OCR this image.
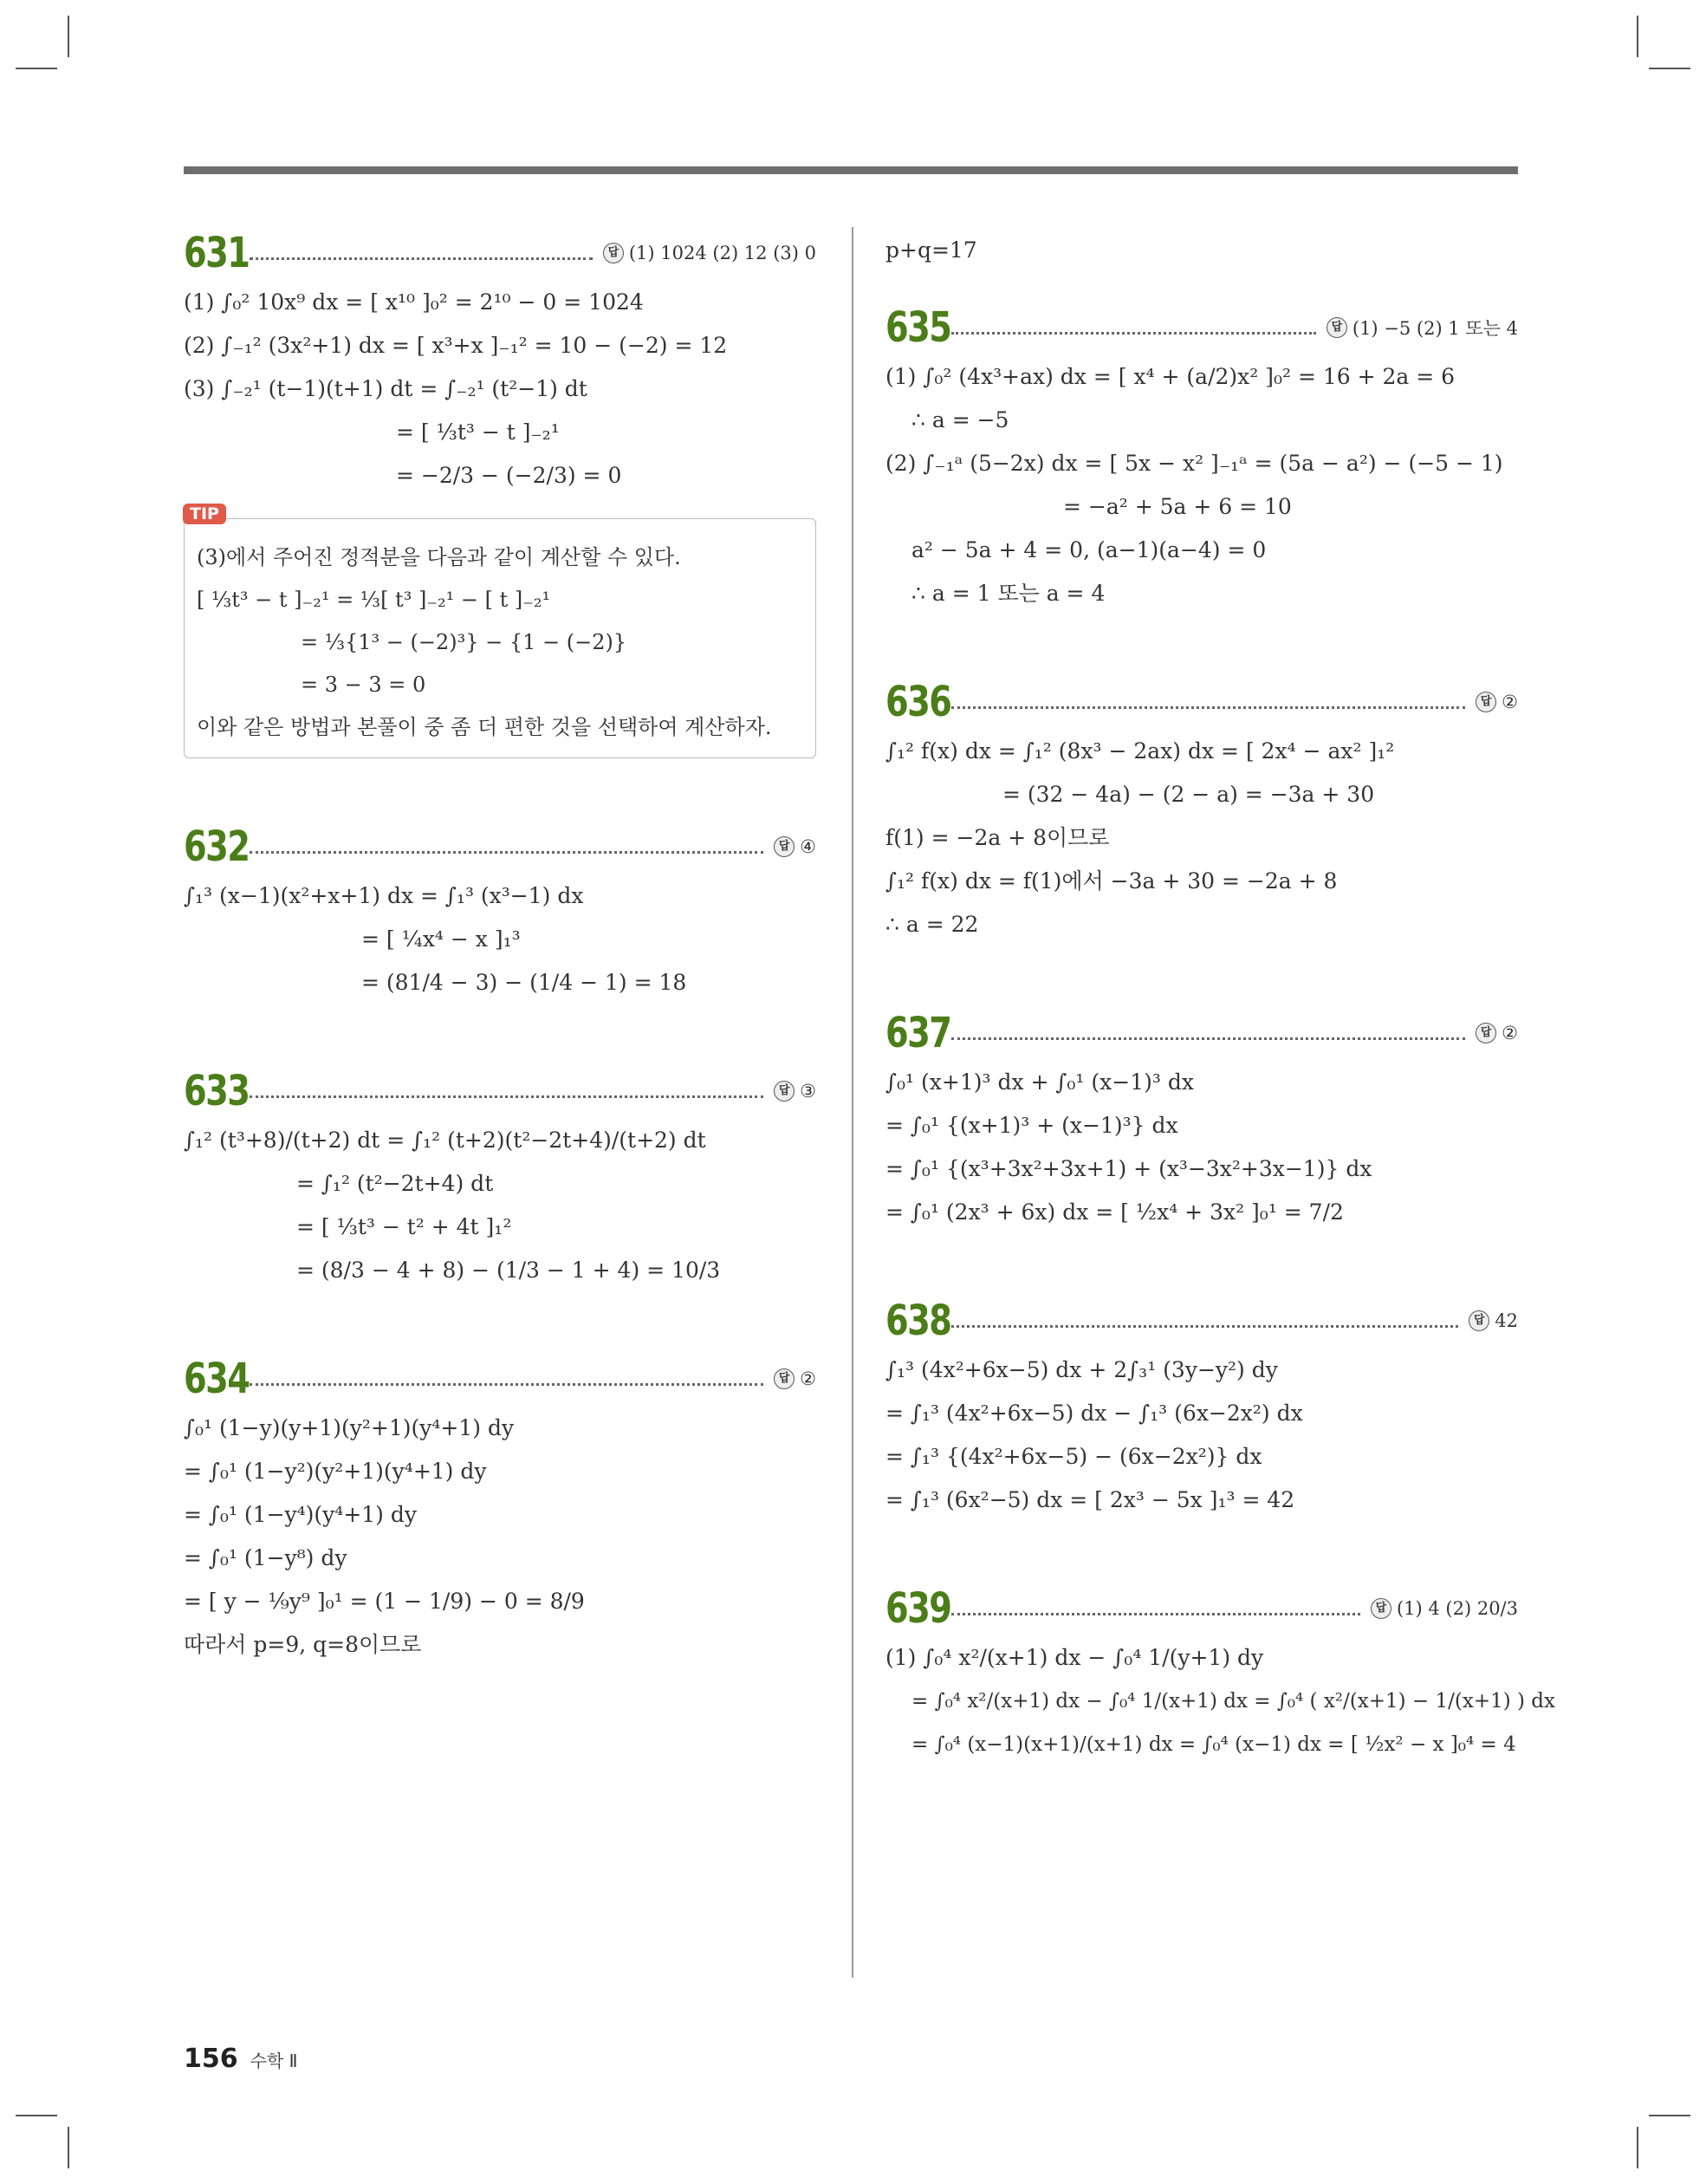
631	답 (1) 1024 (2) 12 (3) 0
(1) ∫₀² 10x⁹ dx = [ x¹⁰ ]₀² = 2¹⁰ − 0 = 1024
(2) ∫₋₁² (3x²+1) dx = [ x³+x ]₋₁² = 10 − (−2) = 12
(3) ∫₋₂¹ (t−1)(t+1) dt = ∫₋₂¹ (t²−1) dt
= [ ⅓t³ − t ]₋₂¹
= −2/3 − (−2/3) = 0
TIP
(3)에서 주어진 정적분을 다음과 같이 계산할 수 있다.
[ ⅓t³ − t ]₋₂¹ = ⅓[ t³ ]₋₂¹ − [ t ]₋₂¹
= ⅓{1³ − (−2)³} − {1 − (−2)}
= 3 − 3 = 0
이와 같은 방법과 본풀이 중 좀 더 편한 것을 선택하여 계산하자.
632	답 ④
∫₁³ (x−1)(x²+x+1) dx = ∫₁³ (x³−1) dx
= [ ¼x⁴ − x ]₁³
= (81/4 − 3) − (1/4 − 1) = 18
633	답 ③
∫₁² (t³+8)/(t+2) dt = ∫₁² (t+2)(t²−2t+4)/(t+2) dt
= ∫₁² (t²−2t+4) dt
= [ ⅓t³ − t² + 4t ]₁²
= (8/3 − 4 + 8) − (1/3 − 1 + 4) = 10/3
634	답 ②
∫₀¹ (1−y)(y+1)(y²+1)(y⁴+1) dy
= ∫₀¹ (1−y²)(y²+1)(y⁴+1) dy
= ∫₀¹ (1−y⁴)(y⁴+1) dy
= ∫₀¹ (1−y⁸) dy
= [ y − ⅑y⁹ ]₀¹ = (1 − 1/9) − 0 = 8/9
따라서 p=9, q=8이므로
p+q=17
635	답 (1) −5 (2) 1 또는 4
(1) ∫₀² (4x³+ax) dx = [ x⁴ + (a/2)x² ]₀² = 16 + 2a = 6
∴ a = −5
(2) ∫₋₁ᵃ (5−2x) dx = [ 5x − x² ]₋₁ᵃ = (5a − a²) − (−5 − 1)
= −a² + 5a + 6 = 10
a² − 5a + 4 = 0, (a−1)(a−4) = 0
∴ a = 1 또는 a = 4
636	답 ②
∫₁² f(x) dx = ∫₁² (8x³ − 2ax) dx = [ 2x⁴ − ax² ]₁²
= (32 − 4a) − (2 − a) = −3a + 30
f(1) = −2a + 8이므로
∫₁² f(x) dx = f(1)에서 −3a + 30 = −2a + 8
∴ a = 22
637	답 ②
∫₀¹ (x+1)³ dx + ∫₀¹ (x−1)³ dx
= ∫₀¹ {(x+1)³ + (x−1)³} dx
= ∫₀¹ {(x³+3x²+3x+1) + (x³−3x²+3x−1)} dx
= ∫₀¹ (2x³ + 6x) dx = [ ½x⁴ + 3x² ]₀¹ = 7/2
638	답 42
∫₁³ (4x²+6x−5) dx + 2∫₃¹ (3y−y²) dy
= ∫₁³ (4x²+6x−5) dx − ∫₁³ (6x−2x²) dx
= ∫₁³ {(4x²+6x−5) − (6x−2x²)} dx
= ∫₁³ (6x²−5) dx = [ 2x³ − 5x ]₁³ = 42
639	답 (1) 4 (2) 20/3
(1) ∫₀⁴ x²/(x+1) dx − ∫₀⁴ 1/(y+1) dy
= ∫₀⁴ x²/(x+1) dx − ∫₀⁴ 1/(x+1) dx = ∫₀⁴ ( x²/(x+1) − 1/(x+1) ) dx
= ∫₀⁴ (x−1)(x+1)/(x+1) dx = ∫₀⁴ (x−1) dx = [ ½x² − x ]₀⁴ = 4
156 수학 Ⅱ
